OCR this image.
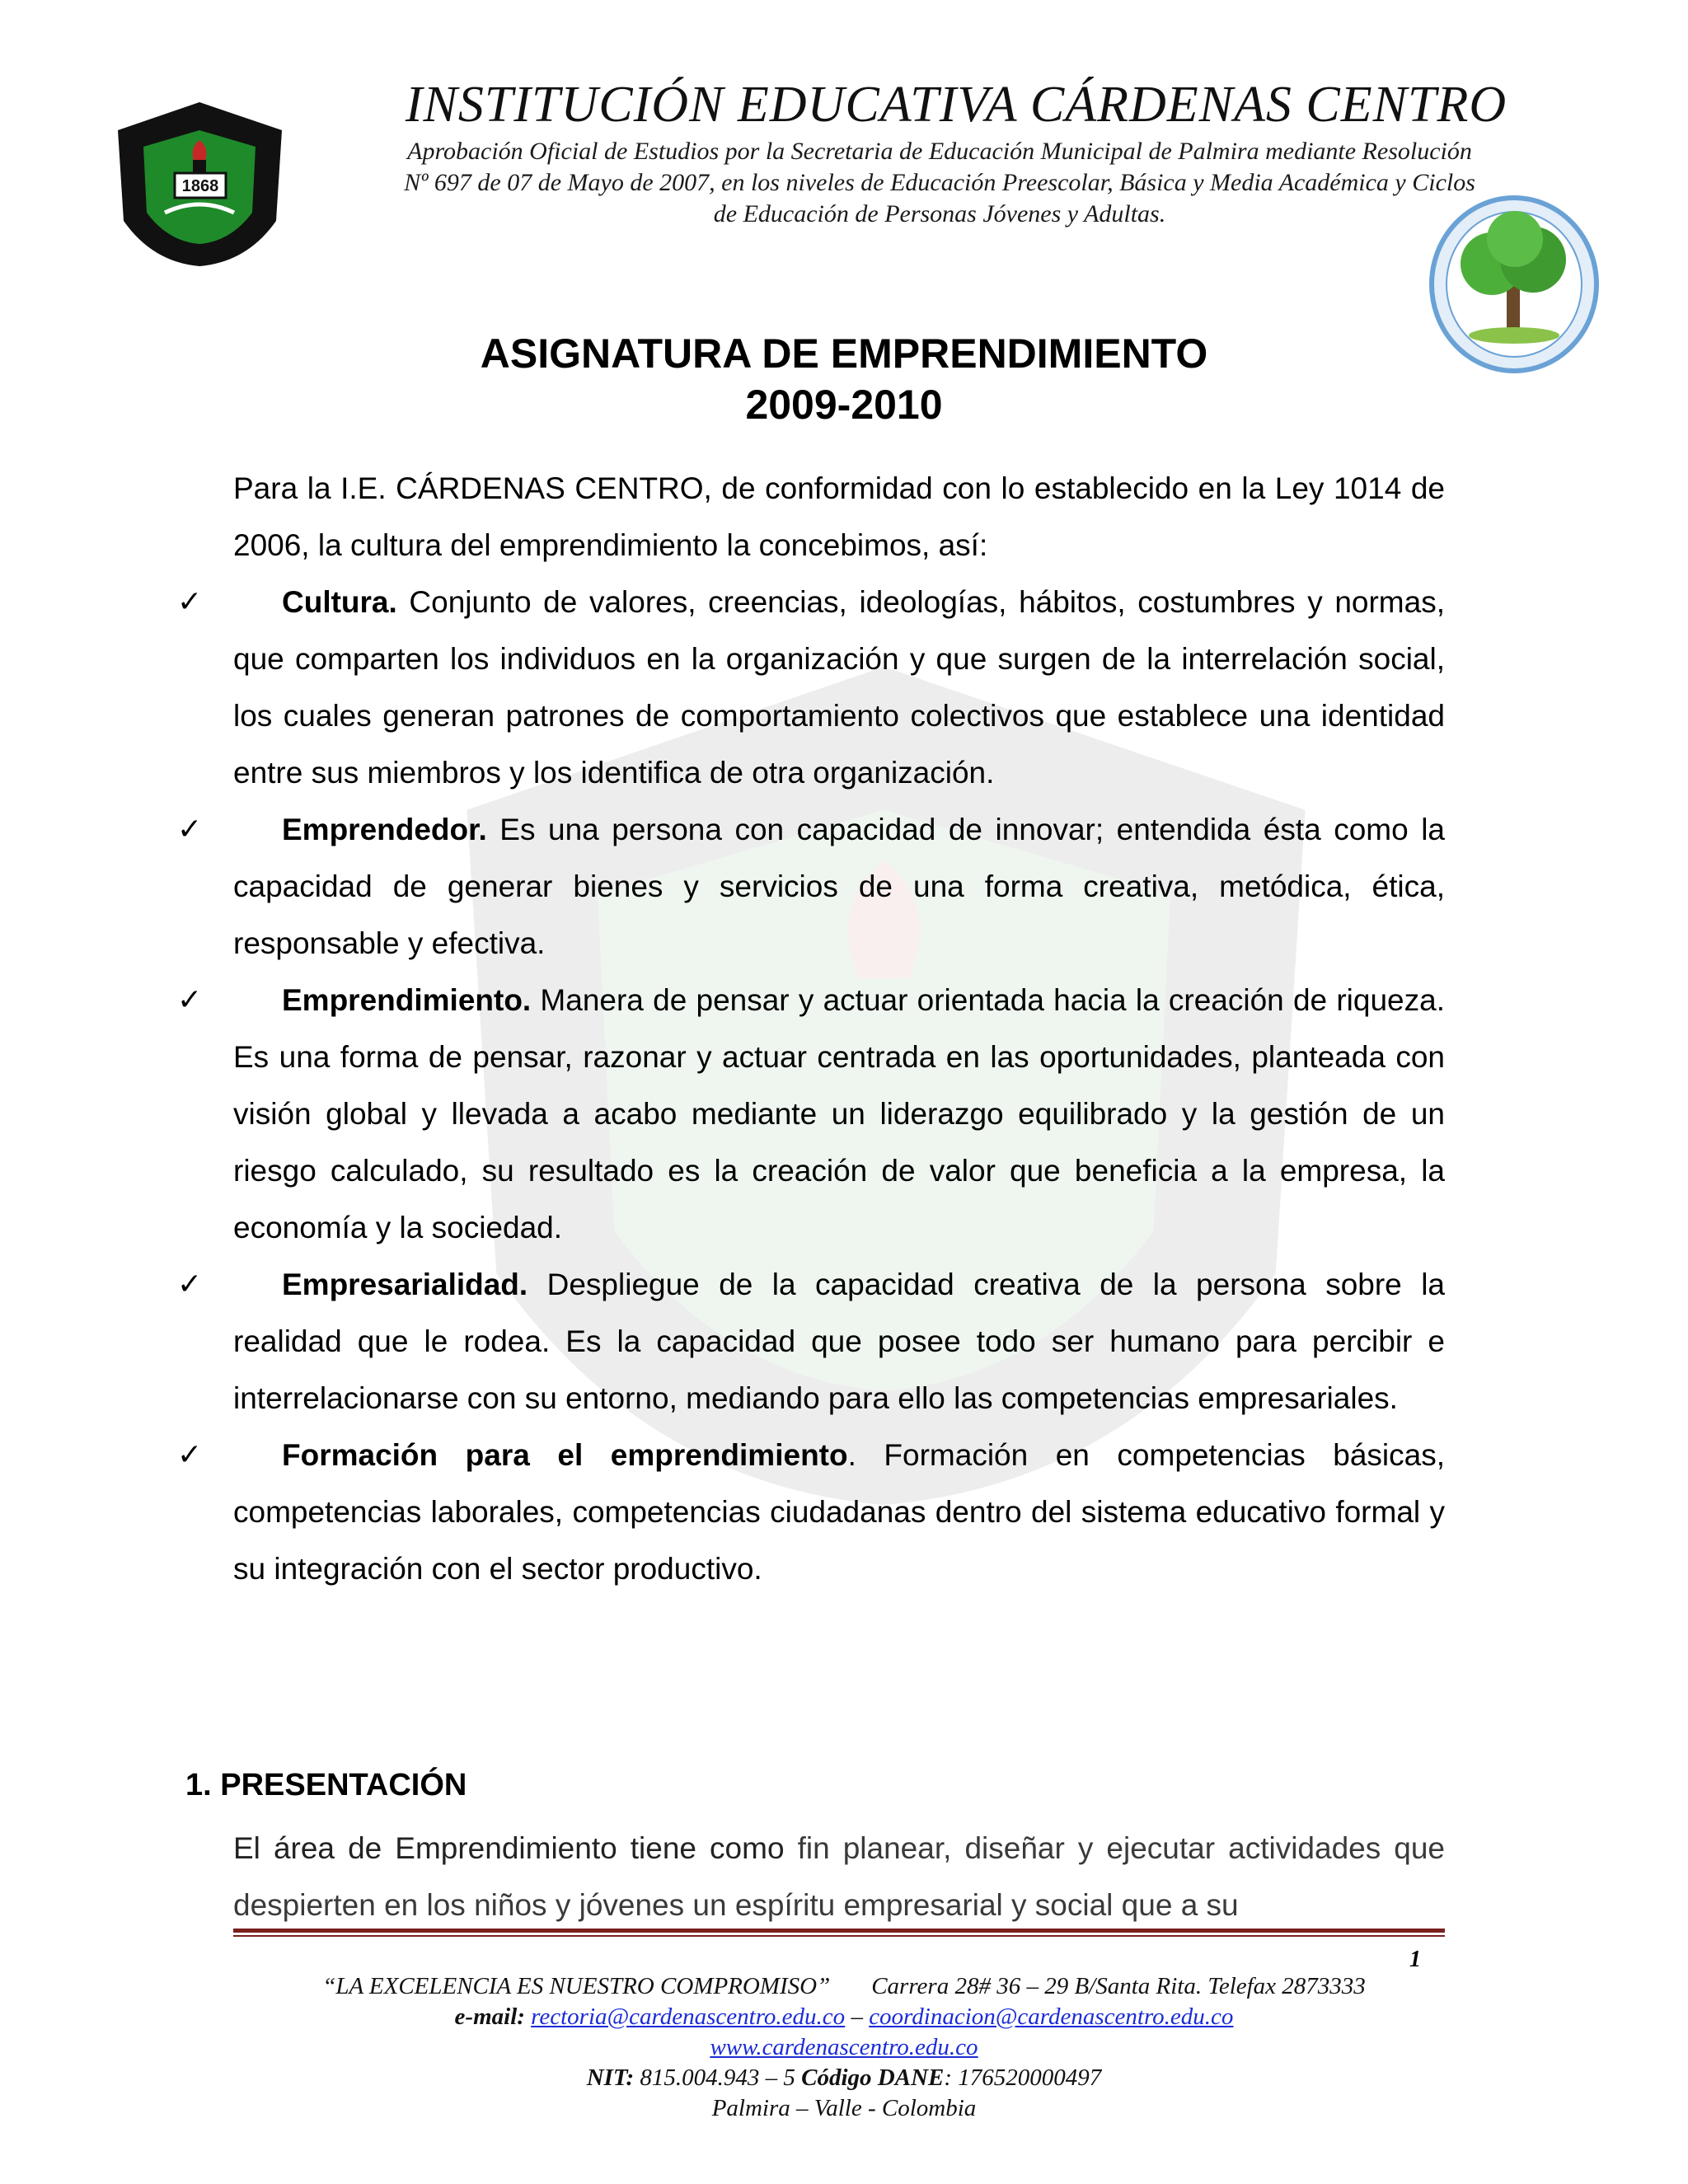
1868
INSTITUCIÓN EDUCATIVA CÁRDENAS CENTRO
Aprobación Oficial de Estudios por la Secretaria de Educación Municipal de Palmira mediante Resolución
Nº 697 de 07 de Mayo de 2007, en los niveles de Educación Preescolar, Básica y Media Académica y Ciclos
de Educación de Personas Jóvenes y Adultas.
ASIGNATURA DE EMPRENDIMIENTO
2009-2010

Para la I.E. CÁRDENAS CENTRO, de conformidad con lo establecido en la Ley 1014 de 2006, la cultura del emprendimiento la concebimos, así:

✓	Cultura. Conjunto de valores, creencias, ideologías, hábitos, costumbres y normas, que comparten los individuos en la organización y que surgen de la interrelación social, los cuales generan patrones de comportamiento colectivos que establece una identidad entre sus miembros y los identifica de otra organización.

✓	Emprendedor. Es una persona con capacidad de innovar; entendida ésta como la capacidad de generar bienes y servicios de una forma creativa, metódica, ética, responsable y efectiva.

✓	Emprendimiento. Manera de pensar y actuar orientada hacia la creación de riqueza. Es una forma de pensar, razonar y actuar centrada en las oportunidades, planteada con visión global y llevada a acabo mediante un liderazgo equilibrado y la gestión de un riesgo calculado, su resultado es la creación de valor que beneficia a la empresa, la economía y la sociedad.

✓	Empresarialidad. Despliegue de la capacidad creativa de la persona sobre la realidad que le rodea. Es la capacidad que posee todo ser humano para percibir e interrelacionarse con su entorno, mediando para ello las competencias empresariales.

✓	Formación para el emprendimiento. Formación en competencias básicas, competencias laborales, competencias ciudadanas dentro del sistema educativo formal y su integración con el sector productivo.

1. PRESENTACIÓN
El área de Emprendimiento tiene como fin planear, diseñar y ejecutar actividades que despierten en los niños y jóvenes un espíritu empresarial y social que a su
1
“LA EXCELENCIA ES NUESTRO COMPROMISO” Carrera 28# 36 – 29 B/Santa Rita. Telefax 2873333
e-mail: rectoria@cardenascentro.edu.co – coordinacion@cardenascentro.edu.co
www.cardenascentro.edu.co
NIT: 815.004.943 – 5 Código DANE: 176520000497
Palmira – Valle - Colombia
